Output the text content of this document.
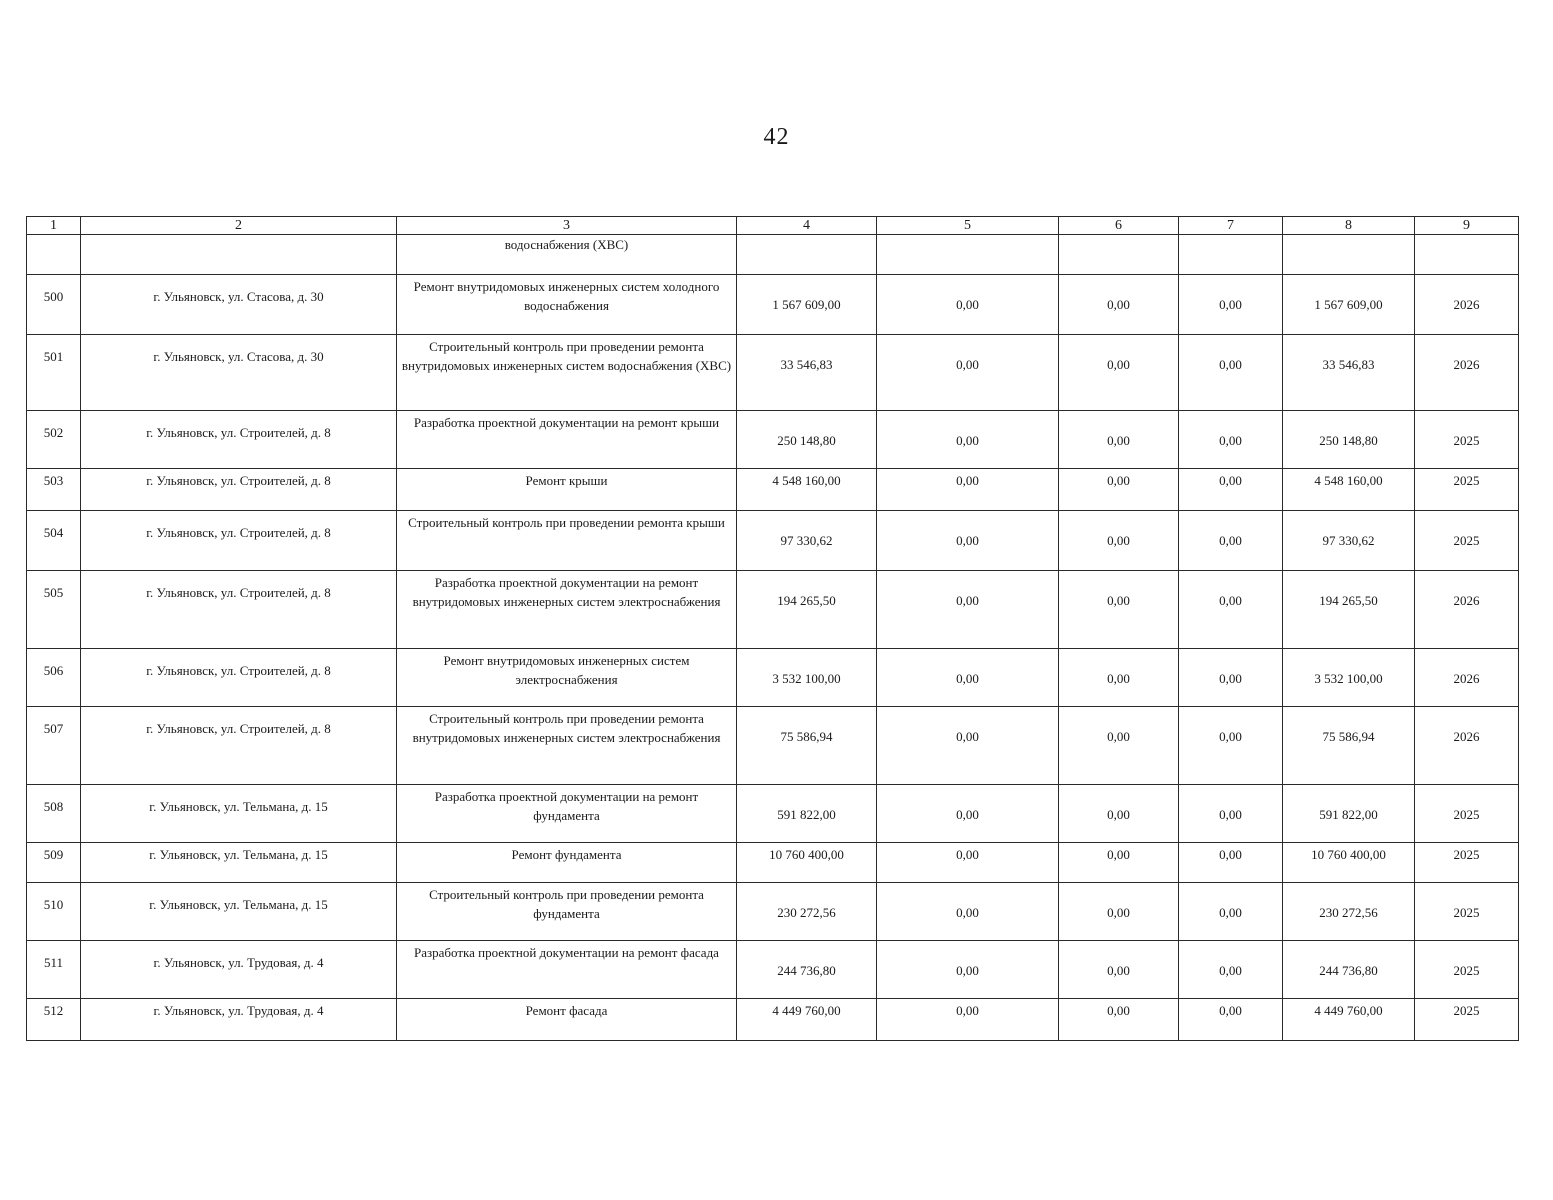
42
1	2	3	4	5	6	7	8	9
		водоснабжения (ХВС)						
500	г. Ульяновск, ул. Стасова, д. 30	Ремонт внутридомовых инженерных систем холодного водоснабжения	1 567 609,00	0,00	0,00	0,00	1 567 609,00	2026
501	г. Ульяновск, ул. Стасова, д. 30	Строительный контроль при проведении ремонта внутридомовых инженерных систем водоснабжения (ХВС)	33 546,83	0,00	0,00	0,00	33 546,83	2026
502	г. Ульяновск, ул. Строителей, д. 8	Разработка проектной документации на ремонт крыши	250 148,80	0,00	0,00	0,00	250 148,80	2025
503	г. Ульяновск, ул. Строителей, д. 8	Ремонт крыши	4 548 160,00	0,00	0,00	0,00	4 548 160,00	2025
504	г. Ульяновск, ул. Строителей, д. 8	Строительный контроль при проведении ремонта крыши	97 330,62	0,00	0,00	0,00	97 330,62	2025
505	г. Ульяновск, ул. Строителей, д. 8	Разработка проектной документации на ремонт внутридомовых инженерных систем электроснабжения	194 265,50	0,00	0,00	0,00	194 265,50	2026
506	г. Ульяновск, ул. Строителей, д. 8	Ремонт внутридомовых инженерных систем электроснабжения	3 532 100,00	0,00	0,00	0,00	3 532 100,00	2026
507	г. Ульяновск, ул. Строителей, д. 8	Строительный контроль при проведении ремонта внутридомовых инженерных систем электроснабжения	75 586,94	0,00	0,00	0,00	75 586,94	2026
508	г. Ульяновск, ул. Тельмана, д. 15	Разработка проектной документации на ремонт фундамента	591 822,00	0,00	0,00	0,00	591 822,00	2025
509	г. Ульяновск, ул. Тельмана, д. 15	Ремонт фундамента	10 760 400,00	0,00	0,00	0,00	10 760 400,00	2025
510	г. Ульяновск, ул. Тельмана, д. 15	Строительный контроль при проведении ремонта фундамента	230 272,56	0,00	0,00	0,00	230 272,56	2025
511	г. Ульяновск, ул. Трудовая, д. 4	Разработка проектной документации на ремонт фасада	244 736,80	0,00	0,00	0,00	244 736,80	2025
512	г. Ульяновск, ул. Трудовая, д. 4	Ремонт фасада	4 449 760,00	0,00	0,00	0,00	4 449 760,00	2025
